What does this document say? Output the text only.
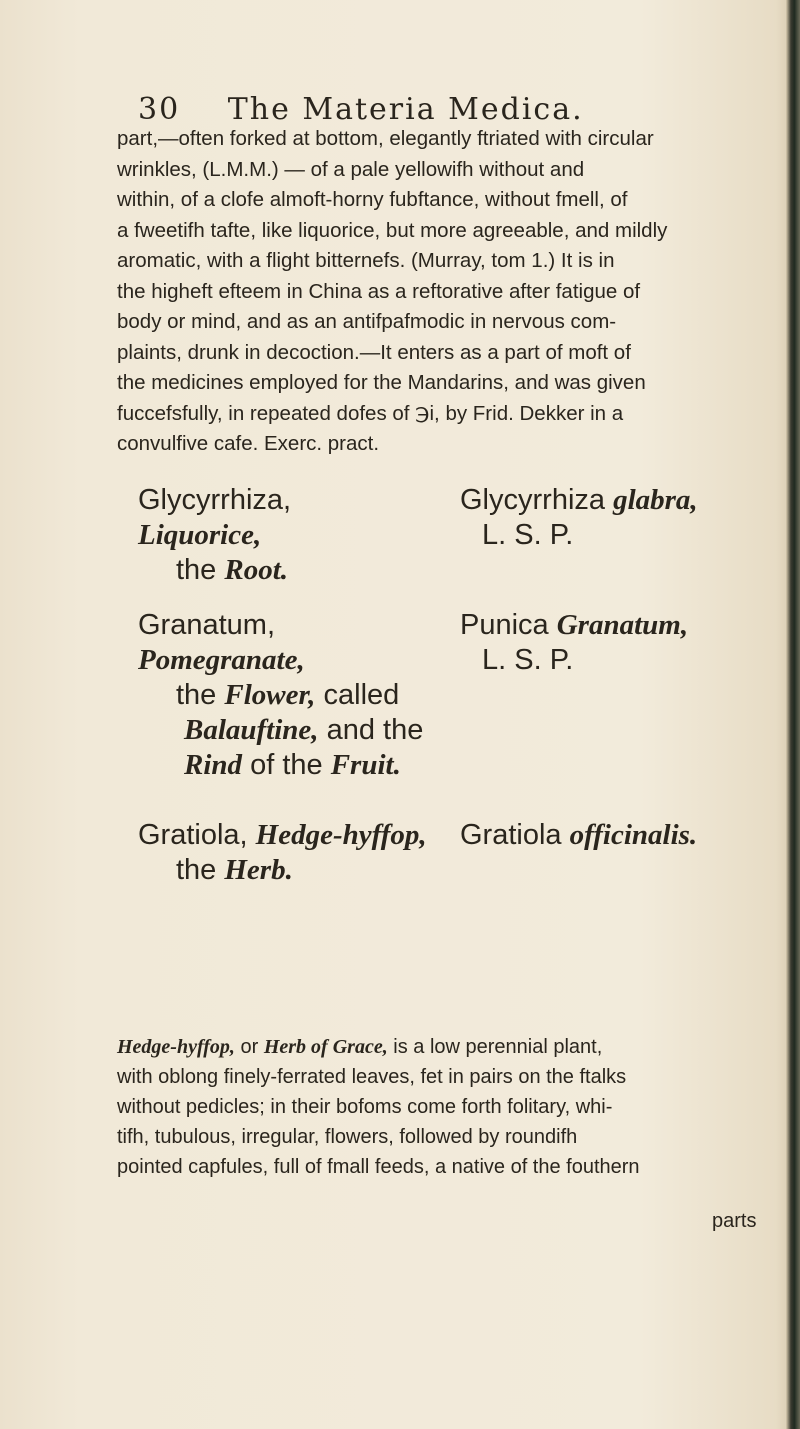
30 The Materia Medica.
part,—often forked at bottom, elegantly ftriated with circular
wrinkles, (L.M.M.) — of a pale yellowifh without and
within, of a clofe almoft-horny fubftance, without fmell, of
a fweetifh tafte, like liquorice, but more agreeable, and mildly
aromatic, with a flight bitternefs. (Murray, tom 1.) It is in
the higheft efteem in China as a reftorative after fatigue of
body or mind, and as an antifpafmodic in nervous com-
plaints, drunk in decoction.—It enters as a part of moft of
the medicines employed for the Mandarins, and was given
fuccefsfully, in repeated dofes of ℈i, by Frid. Dekker in a
convulfive cafe. Exerc. pract.
Glycyrrhiza,
Liquorice,
the Root.
Glycyrrhiza glabra,
L. S. P.
Granatum,
Pomegranate,
the Flower, called
Balauftine, and the
Rind of the Fruit.
Punica Granatum,
L. S. P.
Gratiola, Hedge-hyffop,
the Herb.
Gratiola officinalis.
Hedge-hyffop, or Herb of Grace, is a low perennial plant,
with oblong finely-ferrated leaves, fet in pairs on the ftalks
without pedicles; in their bofoms come forth folitary, whi-
tifh, tubulous, irregular, flowers, followed by roundifh
pointed capfules, full of fmall feeds, a native of the fouthern
parts
